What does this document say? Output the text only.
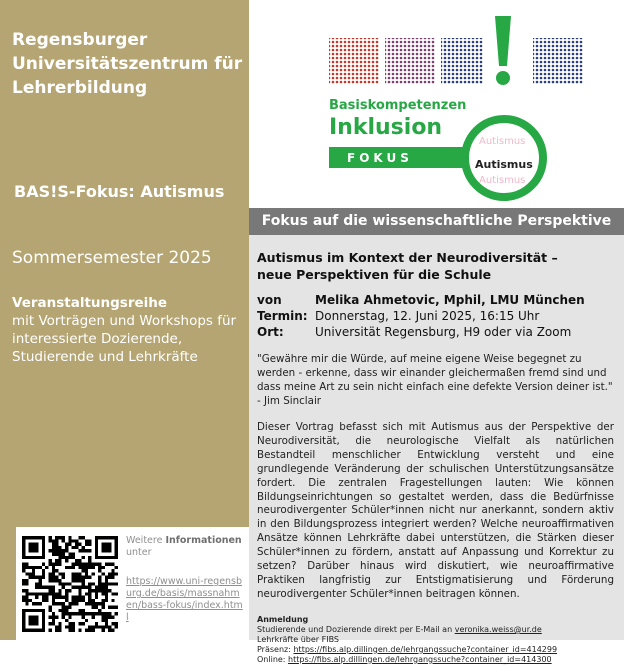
Regensburger
Universitätszentrum für
Lehrerbildung
BAS!S-Fokus: Autismus
Sommersemester 2025
Veranstaltungsreihe
mit Vorträgen und Workshops für interessierte Dozierende, Studierende und Lehrkräfte
Weitere Informationen
unter
https://www.uni-regensburg.de/basis/massnahmen/bass-fokus/index.html
Basiskompetenzen
Inklusion
FOKUS
Autismus
Autismus
Autismus
Fokus auf die wissenschaftliche Perspektive
Autismus im Kontext der Neurodiversität –
neue Perspektiven für die Schule
von	Melika Ahmetovic, Mphil, LMU München
Termin: Donnerstag, 12. Juni 2025, 16:15 Uhr
Ort:	Universität Regensburg, H9 oder via Zoom
"Gewähre mir die Würde, auf meine eigene Weise begegnet zu werden - erkenne, dass wir einander gleichermaßen fremd sind und dass meine Art zu sein nicht einfach eine defekte Version deiner ist." - Jim Sinclair
Dieser Vortrag befasst sich mit Autismus aus der Perspektive der Neurodiversität, die neurologische Vielfalt als natürlichen Bestandteil menschlicher Entwicklung versteht und eine grundlegende Veränderung der schulischen Unterstützungsansätze fordert. Die zentralen Fragestellungen lauten: Wie können Bildungseinrichtungen so gestaltet werden, dass die Bedürfnisse neurodivergenter Schüler*innen nicht nur anerkannt, sondern aktiv in den Bildungsprozess integriert werden? Welche neuroaffirmativen Ansätze können Lehrkräfte dabei unterstützen, die Stärken dieser Schüler*innen zu fördern, anstatt auf Anpassung und Korrektur zu setzen? Darüber hinaus wird diskutiert, wie neuroaffirmative Praktiken langfristig zur Entstigmatisierung und Förderung neurodivergenter Schüler*innen beitragen können.
Anmeldung
Studierende und Dozierende direkt per E-Mail an veronika.weiss@ur.de
Lehrkräfte über FIBS
Präsenz: https://fibs.alp.dillingen.de/lehrgangssuche?container_id=414299
Online: https://fibs.alp.dillingen.de/lehrgangssuche?container_id=414300
